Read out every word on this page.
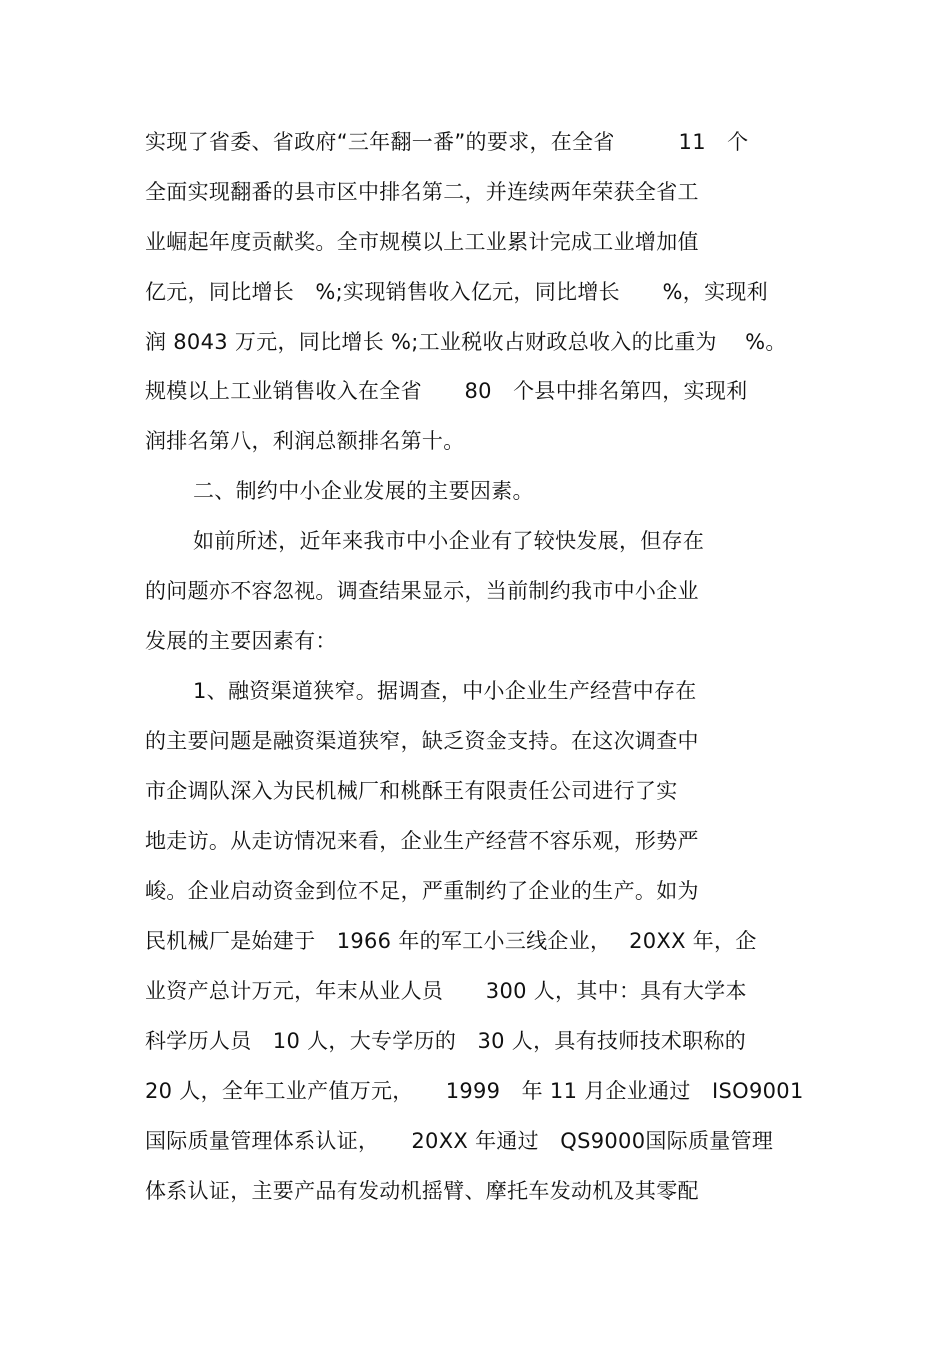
实现了省委、省政府“三年翻一番”的要求，在全省　　　11　个
全面实现翻番的县市区中排名第二，并连续两年荣获全省工
业崛起年度贡献奖。全市规模以上工业累计完成工业增加值
亿元，同比增长　%;实现销售收入亿元，同比增长　　%，实现利
润 8043 万元，同比增长 %;工业税收占财政总收入的比重为　 %。
规模以上工业销售收入在全省　　80　个县中排名第四，实现利
润排名第八，利润总额排名第十。
二、制约中小企业发展的主要因素。
如前所述，近年来我市中小企业有了较快发展，但存在
的问题亦不容忽视。调查结果显示，当前制约我市中小企业
发展的主要因素有：
1、融资渠道狭窄。据调查，中小企业生产经营中存在
的主要问题是融资渠道狭窄，缺乏资金支持。在这次调查中
市企调队深入为民机械厂和桃酥王有限责任公司进行了实
地走访。从走访情况来看，企业生产经营不容乐观，形势严
峻。企业启动资金到位不足，严重制约了企业的生产。如为
民机械厂是始建于　1966 年的军工小三线企业，　 20XX 年，企
业资产总计万元，年末从业人员　　300 人，其中：具有大学本
科学历人员　10 人，大专学历的　30 人，具有技师技术职称的
20 人，全年工业产值万元，　　1999　年 11 月企业通过　ISO9001
国际质量管理体系认证，　　20XX 年通过　QS9000国际质量管理
体系认证，主要产品有发动机摇臂、摩托车发动机及其零配
